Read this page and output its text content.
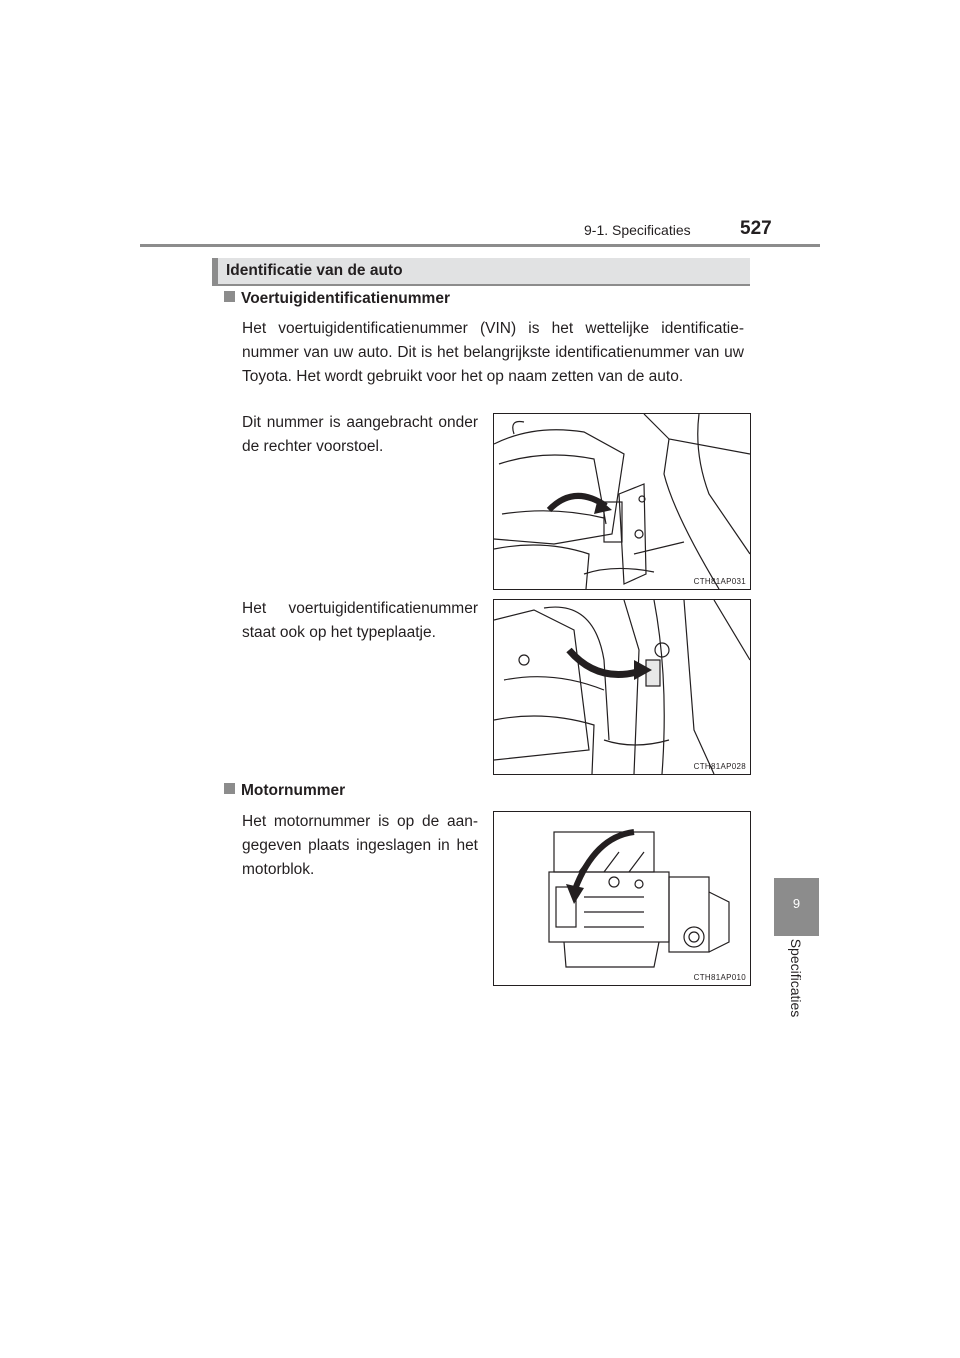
9-1. Specificaties	527
9
Specificaties
Identificatie van de auto
Voertuigidentificatienummer

Het voertuigidentificatienummer (VIN) is het wettelijke identificatie-nummer van uw auto. Dit is het belangrijkste identificatienummer van uw Toyota. Het wordt gebruikt voor het op naam zetten van de auto.

Dit nummer is aangebracht onder de rechter voorstoel.

CTH81AP031

Het voertuigidentificatienummer staat ook op het typeplaatje.

CTH81AP028
Motornummer

Het motornummer is op de aan-gegeven plaats ingeslagen in het motorblok.

CTH81AP010
